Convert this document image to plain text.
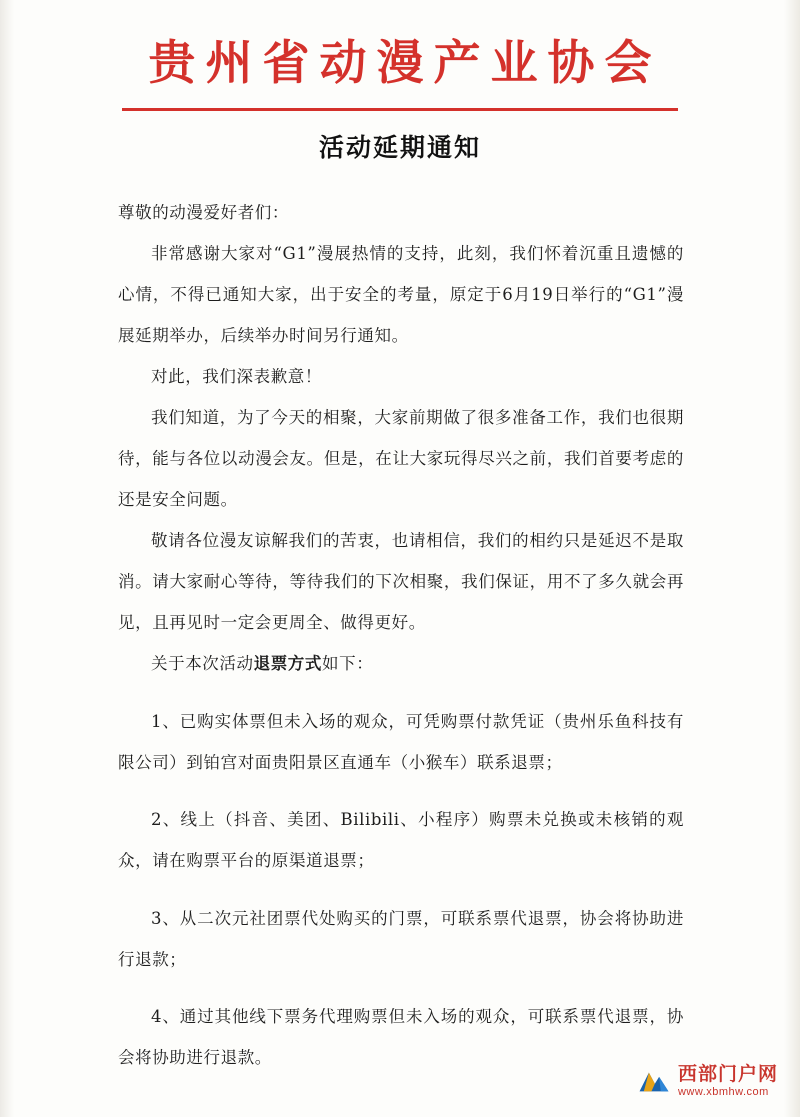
贵州省动漫产业协会
活动延期通知

尊敬的动漫爱好者们：

非常感谢大家对“G1”漫展热情的支持，此刻，我们怀着沉重且遗憾的心情，不得已通知大家，出于安全的考量，原定于6月19日举行的“G1”漫展延期举办，后续举办时间另行通知。

对此，我们深表歉意！

我们知道，为了今天的相聚，大家前期做了很多准备工作，我们也很期待，能与各位以动漫会友。但是，在让大家玩得尽兴之前，我们首要考虑的还是安全问题。

敬请各位漫友谅解我们的苦衷，也请相信，我们的相约只是延迟不是取消。请大家耐心等待，等待我们的下次相聚，我们保证，用不了多久就会再见，且再见时一定会更周全、做得更好。

关于本次活动退票方式如下：

1、已购实体票但未入场的观众，可凭购票付款凭证（贵州乐鱼科技有限公司）到铂宫对面贵阳景区直通车（小猴车）联系退票；

2、线上（抖音、美团、Bilibili、小程序）购票未兑换或未核销的观众，请在购票平台的原渠道退票；

3、从二次元社团票代处购买的门票，可联系票代退票，协会将协助进行退款；

4、通过其他线下票务代理购票但未入场的观众，可联系票代退票，协会将协助进行退款。

西部门户网
www.xbmhw.com
